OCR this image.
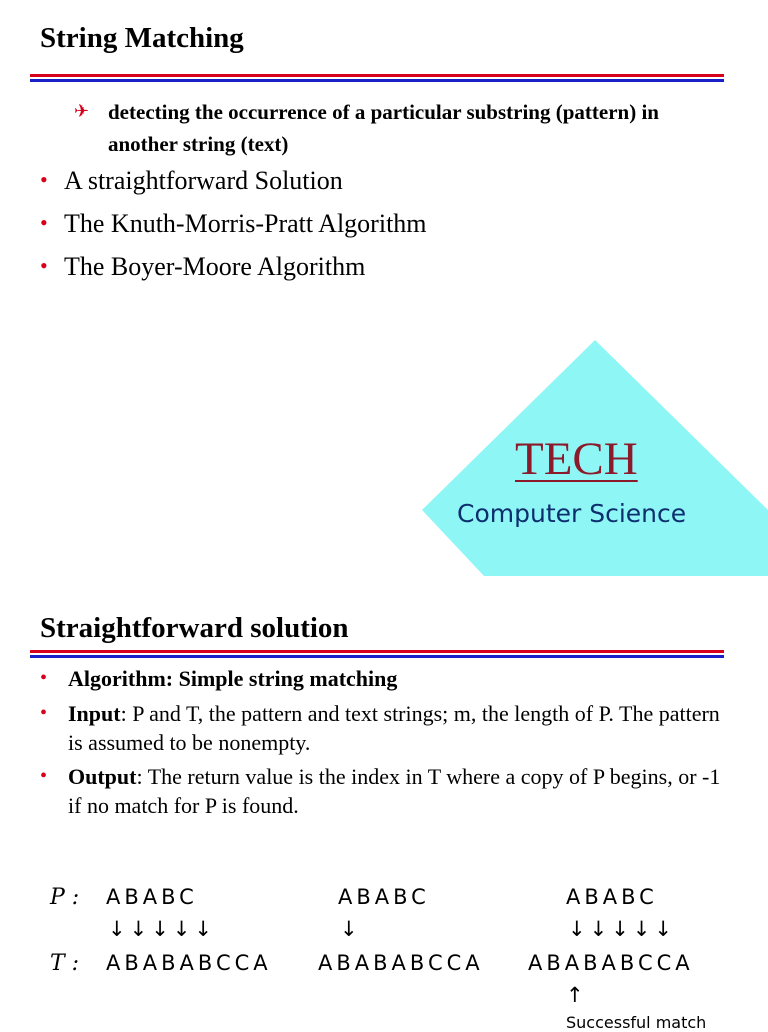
String Matching
✈ detecting the occurrence of a particular substring (pattern) in another string (text)
• A straightforward Solution
• The Knuth-Morris-Pratt Algorithm
• The Boyer-Moore Algorithm
TECH
Computer Science
Straightforward solution
• Algorithm: Simple string matching
• Input: P and T, the pattern and text strings; m, the length of P. The pattern is assumed to be nonempty.
• Output: The return value is the index in T where a copy of P begins, or -1 if no match for P is found.
P :
T :
ABABC
↓↓↓↓↓
ABABABCCA
ABABC
↓
ABABABCCA
ABABC
↓↓↓↓↓
ABABABCCA
↑
Successful match
